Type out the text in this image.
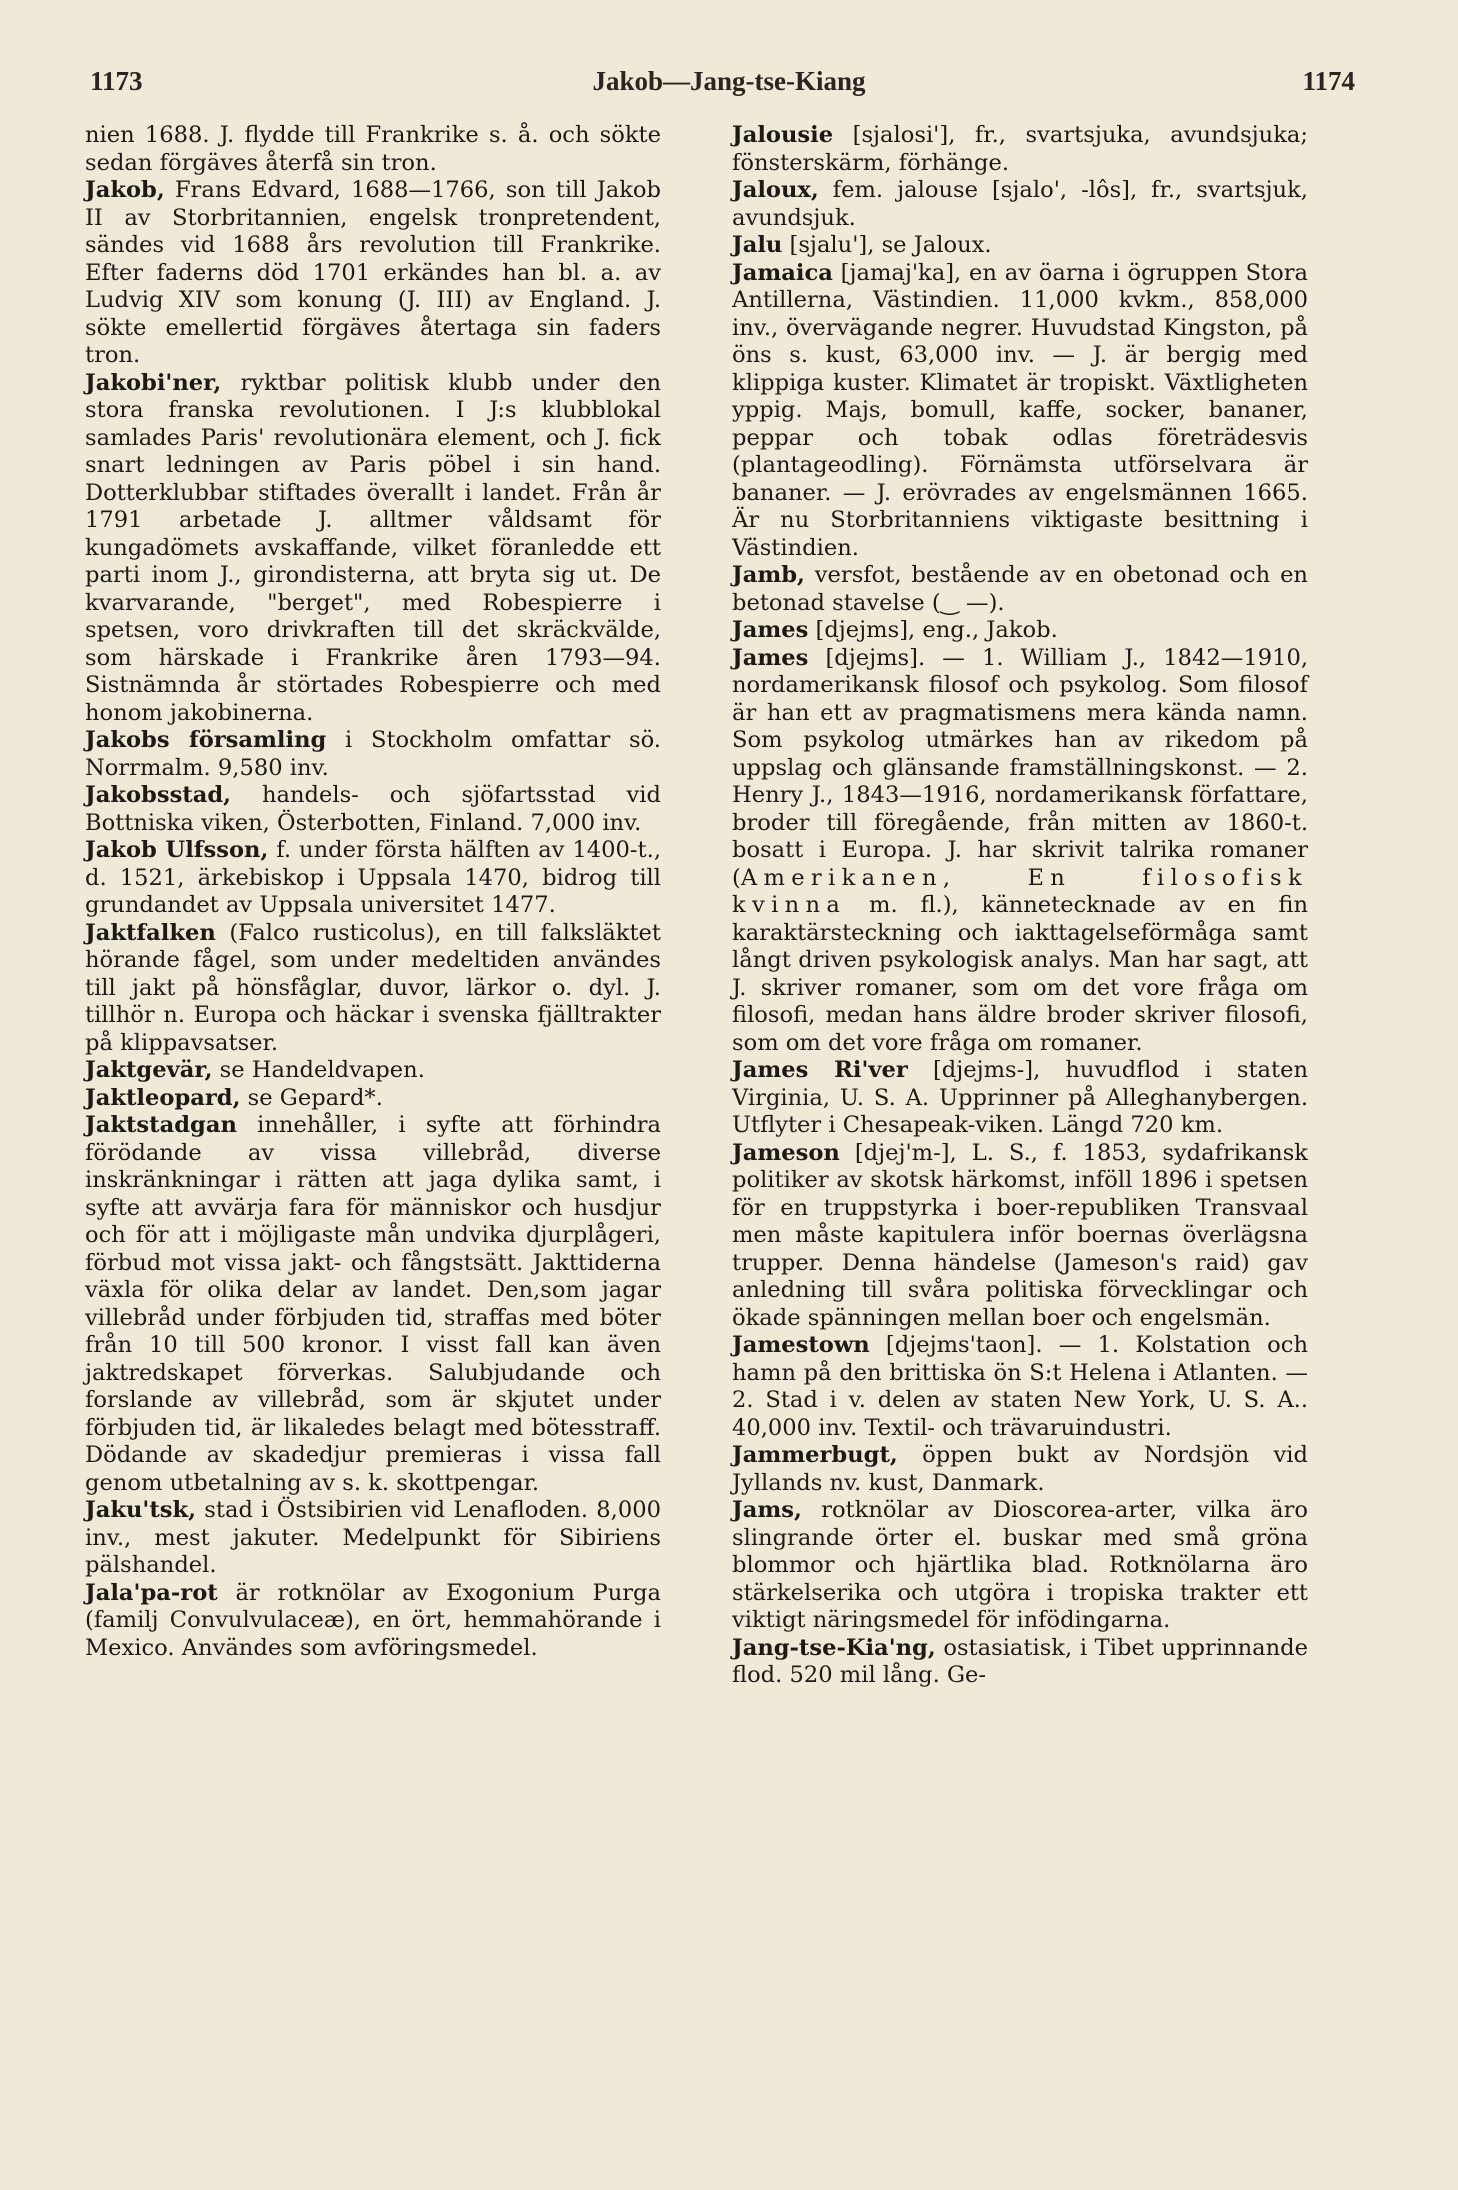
1173	Jakob—Jang-tse-Kiang	1174

nien 1688. J. flydde till Frankrike s. å. och sökte sedan förgäves återfå sin tron.

Jakob, Frans Edvard, 1688—1766, son till Jakob II av Storbritannien, engelsk tronpretendent, sändes vid 1688 års revolution till Frankrike. Efter faderns död 1701 erkändes han bl. a. av Ludvig XIV som konung (J. III) av England. J. sökte emellertid förgäves återtaga sin faders tron.

Jakobi'ner, ryktbar politisk klubb under den stora franska revolutionen. I J:s klubblokal samlades Paris' revolutionära element, och J. fick snart ledningen av Paris pöbel i sin hand. Dotterklubbar stiftades överallt i landet. Från år 1791 arbetade J. alltmer våldsamt för kungadömets avskaffande, vilket föranledde ett parti inom J., girondisterna, att bryta sig ut. De kvarvarande, "berget", med Robespierre i spetsen, voro drivkraften till det skräckvälde, som härskade i Frankrike åren 1793—94. Sistnämnda år störtades Robespierre och med honom jakobinerna.

Jakobs församling i Stockholm omfattar sö. Norrmalm. 9,580 inv.

Jakobsstad, handels- och sjöfartsstad vid Bottniska viken, Österbotten, Finland. 7,000 inv.

Jakob Ulfsson, f. under första hälften av 1400-t., d. 1521, ärkebiskop i Uppsala 1470, bidrog till grundandet av Uppsala universitet 1477.

Jaktfalken (Falco rusticolus), en till falksläktet hörande fågel, som under medeltiden användes till jakt på hönsfåglar, duvor, lärkor o. dyl. J. tillhör n. Europa och häckar i svenska fjälltrakter på klippavsatser.

Jaktgevär, se Handeldvapen.

Jaktleopard, se Gepard*.

Jaktstadgan innehåller, i syfte att förhindra förödande av vissa villebråd, diverse inskränkningar i rätten att jaga dylika samt, i syfte att avvärja fara för människor och husdjur och för att i möjligaste mån undvika djurplågeri, förbud mot vissa jakt- och fångstsätt. Jakttiderna växla för olika delar av landet. Den,som jagar villebråd under förbjuden tid, straffas med böter från 10 till 500 kronor. I visst fall kan även jaktredskapet förverkas. Salubjudande och forslande av villebråd, som är skjutet under förbjuden tid, är likaledes belagt med bötesstraff. Dödande av skadedjur premieras i vissa fall genom utbetalning av s. k. skottpengar.

Jaku'tsk, stad i Östsibirien vid Lenafloden. 8,000 inv., mest jakuter. Medelpunkt för Sibiriens pälshandel.

Jala'pa-rot är rotknölar av Exogonium Purga (familj Convulvulaceæ), en ört, hemmahörande i Mexico. Användes som avföringsmedel.

Jalousie [sjalosi'], fr., svartsjuka, avundsjuka; fönsterskärm, förhänge.

Jaloux, fem. jalouse [sjalo', -lôs], fr., svartsjuk, avundsjuk.

Jalu [sjalu'], se Jaloux.

Jamaica [jamaj'ka], en av öarna i ögruppen Stora Antillerna, Västindien. 11,000 kvkm., 858,000 inv., övervägande negrer. Huvudstad Kingston, på öns s. kust, 63,000 inv. — J. är bergig med klippiga kuster. Klimatet är tropiskt. Växtligheten yppig. Majs, bomull, kaffe, socker, bananer, peppar och tobak odlas företrädesvis (plantageodling). Förnämsta utförselvara är bananer. — J. erövrades av engelsmännen 1665. Är nu Storbritanniens viktigaste besittning i Västindien.

Jamb, versfot, bestående av en obetonad och en betonad stavelse (‿ —).

James [djejms], eng., Jakob.

James [djejms]. — 1. William J., 1842—1910, nordamerikansk filosof och psykolog. Som filosof är han ett av pragmatismens mera kända namn. Som psykolog utmärkes han av rikedom på uppslag och glänsande framställningskonst. — 2. Henry J., 1843—1916, nordamerikansk författare, broder till föregående, från mitten av 1860-t. bosatt i Europa. J. har skrivit talrika romaner (Amerikanen, En filosofisk kvinna m. fl.), kännetecknade av en fin karaktärsteckning och iakttagelseförmåga samt långt driven psykologisk analys. Man har sagt, att J. skriver romaner, som om det vore fråga om filosofi, medan hans äldre broder skriver filosofi, som om det vore fråga om romaner.

James Ri'ver [djejms-], huvudflod i staten Virginia, U. S. A. Upprinner på Alleghanybergen. Utflyter i Chesapeak-viken. Längd 720 km.

Jameson [djej'm-], L. S., f. 1853, sydafrikansk politiker av skotsk härkomst, inföll 1896 i spetsen för en truppstyrka i boer-republiken Transvaal men måste kapitulera inför boernas överlägsna trupper. Denna händelse (Jameson's raid) gav anledning till svåra politiska förvecklingar och ökade spänningen mellan boer och engelsmän.

Jamestown [djejms'taon]. — 1. Kolstation och hamn på den brittiska ön S:t Helena i Atlanten. — 2. Stad i v. delen av staten New York, U. S. A.. 40,000 inv. Textil- och trävaruindustri.

Jammerbugt, öppen bukt av Nordsjön vid Jyllands nv. kust, Danmark.

Jams, rotknölar av Dioscorea-arter, vilka äro slingrande örter el. buskar med små gröna blommor och hjärtlika blad. Rotknölarna äro stärkelserika och utgöra i tropiska trakter ett viktigt näringsmedel för infödingarna.

Jang-tse-Kia'ng, ostasiatisk, i Tibet upprinnande flod. 520 mil lång. Ge-
